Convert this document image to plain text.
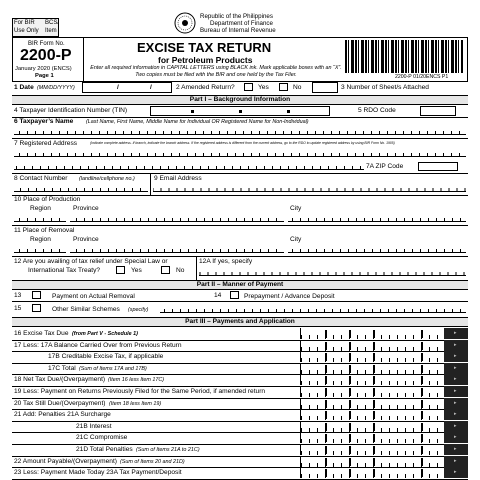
For BIR
Use Only
BCS/
Item
Republic of the Philippines
Department of Finance
Bureau of Internal Revenue
BIR Form No.
2200-P
January 2020 (ENCS)
Page 1
EXCISE TAX RETURN
for Petroleum Products
Enter all required information in CAPITAL LETTERS using BLACK ink. Mark applicable boxes with an “X”. Two copies must be filed with the BIR and one held by the Tax Filer.	2200-P 01/20ENCS P1
1 Date (MM/DD/YYYY)	/	/	2 Amended Return?	Yes	No	3 Number of Sheet/s Attached
Part I – Background Information
4 Taxpayer Identification Number (TIN)	5 RDO Code
6 Taxpayer’s Name (Last Name, First Name, Middle Name for Individual OR Registered Name for Non-Individual)
7 Registered Address	(Indicate complete address. If branch, indicate the branch address. If the registered address is different from the current address, go to the RDO to update registered address by using BIR Form No. 1905)
7A ZIP Code
8 Contact Number (landline/cellphone no.)	9 Email Address
10 Place of Production
Region	Province	City
11 Place of Removal
Region	Province	City
12 Are you availing of tax relief under Special Law or
International Tax Treaty?	Yes	No
12A If yes, specify
Part II – Manner of Payment
13	Payment on Actual Removal	14	Prepayment / Advance Deposit
15	Other Similar Schemes (specify)
Part III – Payments and Application
16 Excise Tax Due (from Part V - Schedule 1)
▸
17 Less: 17A Balance Carried Over from Previous Return
▸
17B Creditable Excise Tax, if applicable
▸
17C Total (Sum of Items 17A and 17B)
▸
18 Net Tax Due/(Overpayment) (Item 16 less Item 17C)
▸
19 Less: Payment on Returns Previously Filed for the Same Period, if amended return
▸
20 Tax Still Due/(Overpayment) (Item 18 less Item 19)
▸
21 Add: Penalties 21A Surcharge
▸
21B Interest
▸
21C Compromise
▸
21D Total Penalties (Sum of Items 21A to 21C)
▸
22 Amount Payable/(Overpayment) (Sum of Items 20 and 21D)
▸
23 Less: Payment Made Today 23A Tax Payment/Deposit
▸
